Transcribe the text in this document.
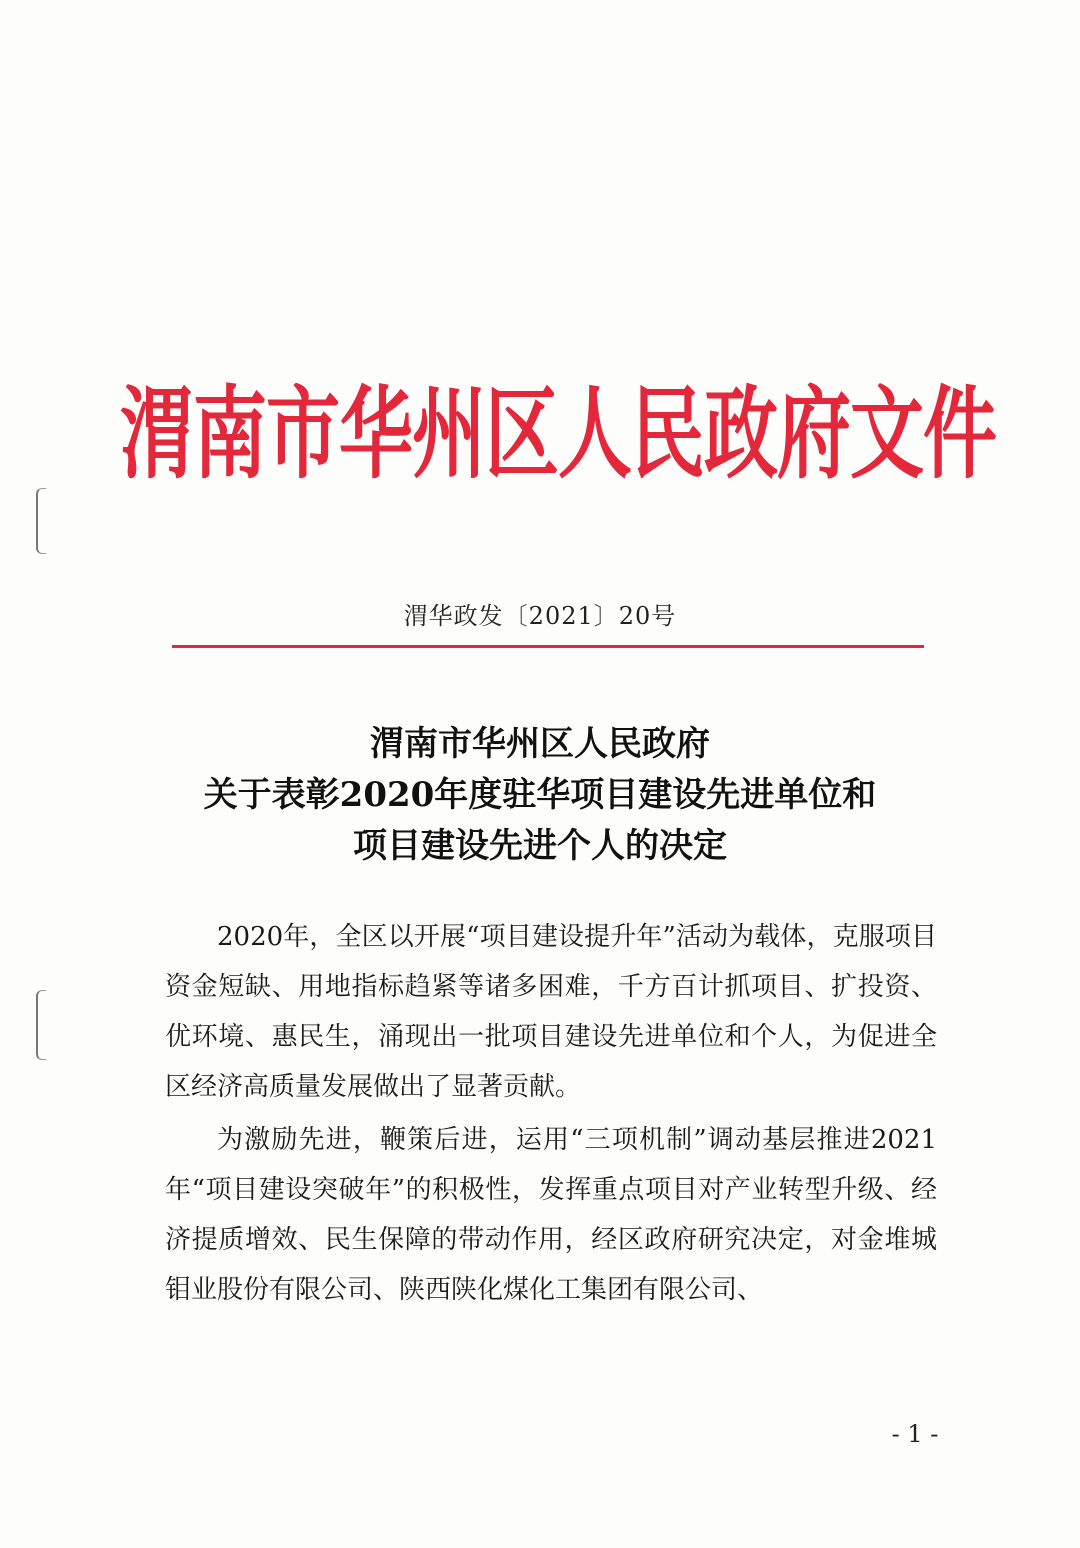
渭南市华州区人民政府文件
渭华政发〔2021〕20号
渭南市华州区人民政府
关于表彰2020年度驻华项目建设先进单位和
项目建设先进个人的决定
2020年，全区以开展“项目建设提升年”活动为载体，克服项目资金短缺、用地指标趋紧等诸多困难，千方百计抓项目、扩投资、优环境、惠民生，涌现出一批项目建设先进单位和个人，为促进全区经济高质量发展做出了显著贡献。
为激励先进，鞭策后进，运用“三项机制”调动基层推进2021年“项目建设突破年”的积极性，发挥重点项目对产业转型升级、经济提质增效、民生保障的带动作用，经区政府研究决定，对金堆城钼业股份有限公司、陕西陕化煤化工集团有限公司、
- 1 -
